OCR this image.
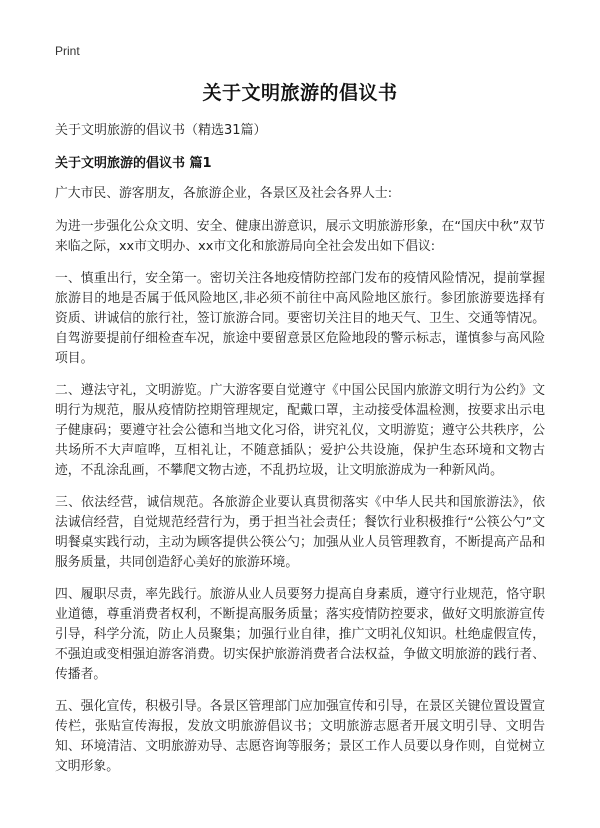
Print
关于文明旅游的倡议书

关于文明旅游的倡议书（精选31篇）

关于文明旅游的倡议书 篇1

广大市民、游客朋友，各旅游企业，各景区及社会各界人士:

为进一步强化公众文明、安全、健康出游意识，展示文明旅游形象，在“国庆中秋”双节来临之际，xx市文明办、xx市文化和旅游局向全社会发出如下倡议:

一、慎重出行，安全第一。密切关注各地疫情防控部门发布的疫情风险情况，提前掌握旅游目的地是否属于低风险地区,非必须不前往中高风险地区旅行。参团旅游要选择有资质、讲诚信的旅行社，签订旅游合同。要密切关注目的地天气、卫生、交通等情况。自驾游要提前仔细检查车况，旅途中要留意景区危险地段的警示标志，谨慎参与高风险项目。

二、遵法守礼，文明游览。广大游客要自觉遵守《中国公民国内旅游文明行为公约》文明行为规范，服从疫情防控期管理规定，配戴口罩，主动接受体温检测，按要求出示电子健康码；要遵守社会公德和当地文化习俗，讲究礼仪，文明游览；遵守公共秩序，公共场所不大声喧哗，互相礼让，不随意插队；爱护公共设施，保护生态环境和文物古迹，不乱涂乱画，不攀爬文物古迹，不乱扔垃圾，让文明旅游成为一种新风尚。

三、依法经营，诚信规范。各旅游企业要认真贯彻落实《中华人民共和国旅游法》，依法诚信经营，自觉规范经营行为，勇于担当社会责任；餐饮行业积极推行“公筷公勺”文明餐桌实践行动，主动为顾客提供公筷公勺；加强从业人员管理教育，不断提高产品和服务质量，共同创造舒心美好的旅游环境。

四、履职尽责，率先践行。旅游从业人员要努力提高自身素质，遵守行业规范，恪守职业道德，尊重消费者权利，不断提高服务质量；落实疫情防控要求，做好文明旅游宣传引导，科学分流，防止人员聚集；加强行业自律，推广文明礼仪知识。杜绝虚假宣传，不强迫或变相强迫游客消费。切实保护旅游消费者合法权益，争做文明旅游的践行者、传播者。

五、强化宣传，积极引导。各景区管理部门应加强宣传和引导，在景区关键位置设置宣传栏，张贴宣传海报，发放文明旅游倡议书；文明旅游志愿者开展文明引导、文明告知、环境清洁、文明旅游劝导、志愿咨询等服务；景区工作人员要以身作则，自觉树立文明形象。
